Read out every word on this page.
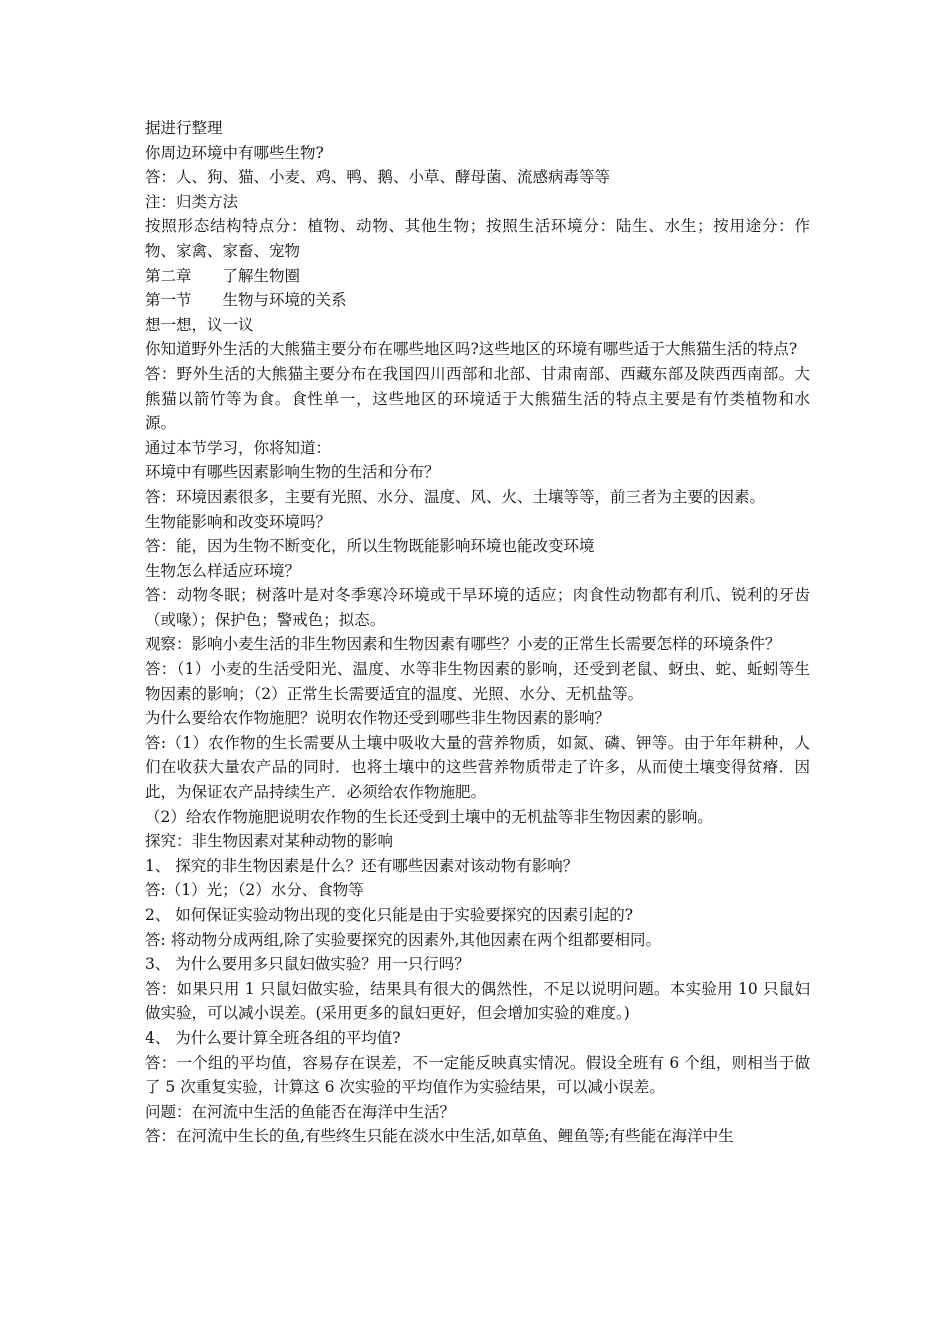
据进行整理

你周边环境中有哪些生物?

答：人、狗、猫、小麦、鸡、鸭、鹅、小草、酵母菌、流感病毒等等

注：归类方法

按照形态结构特点分：植物、动物、其他生物；按照生活环境分：陆生、水生；按用途分：作物、家禽、家畜、宠物

第二章　　了解生物圈

第一节　　生物与环境的关系

想一想，议一议

你知道野外生活的大熊猫主要分布在哪些地区吗?这些地区的环境有哪些适于大熊猫生活的特点?

答：野外生活的大熊猫主要分布在我国四川西部和北部、甘肃南部、西藏东部及陕西西南部。大熊猫以箭竹等为食。食性单一，这些地区的环境适于大熊猫生活的特点主要是有竹类植物和水源。

通过本节学习，你将知道：

环境中有哪些因素影响生物的生活和分布？

答：环境因素很多，主要有光照、水分、温度、风、火、土壤等等，前三者为主要的因素。

生物能影响和改变环境吗？

答：能，因为生物不断变化，所以生物既能影响环境也能改变环境

生物怎么样适应环境？

答：动物冬眠；树落叶是对冬季寒冷环境或干旱环境的适应；肉食性动物都有利爪、锐利的牙齿（或喙）；保护色；警戒色；拟态。

观察：影响小麦生活的非生物因素和生物因素有哪些？小麦的正常生长需要怎样的环境条件？

答：（1）小麦的生活受阳光、温度、水等非生物因素的影响，还受到老鼠、蚜虫、蛇、蚯蚓等生物因素的影响；（2）正常生长需要适宜的温度、光照、水分、无机盐等。

为什么要给农作物施肥？说明农作物还受到哪些非生物因素的影响？

答:（1）农作物的生长需要从土壤中吸收大量的营养物质，如氮、磷、钾等。由于年年耕种，人们在收获大量农产品的同时．也将土壤中的这些营养物质带走了许多，从而使土壤变得贫瘠．因此，为保证农产品持续生产．必须给农作物施肥。

（2）给农作物施肥说明农作物的生长还受到土壤中的无机盐等非生物因素的影响。

探究：非生物因素对某种动物的影响

1、 探究的非生物因素是什么？还有哪些因素对该动物有影响？

答:（1）光；（2）水分、食物等

2、 如何保证实验动物出现的变化只能是由于实验要探究的因素引起的?

答: 将动物分成两组,除了实验要探究的因素外,其他因素在两个组都要相同。

3、 为什么要用多只鼠妇做实验？用一只行吗？

答：如果只用 1 只鼠妇做实验，结果具有很大的偶然性，不足以说明问题。本实验用 10 只鼠妇做实验，可以减小误差。(采用更多的鼠妇更好，但会增加实验的难度。)

4、 为什么要计算全班各组的平均值?

答：一个组的平均值，容易存在误差，不一定能反映真实情况。假设全班有 6 个组，则相当于做了 5 次重复实验，计算这 6 次实验的平均值作为实验结果，可以减小误差。

问题：在河流中生活的鱼能否在海洋中生活？

答：在河流中生长的鱼,有些终生只能在淡水中生活,如草鱼、鲤鱼等;有些能在海洋中生
